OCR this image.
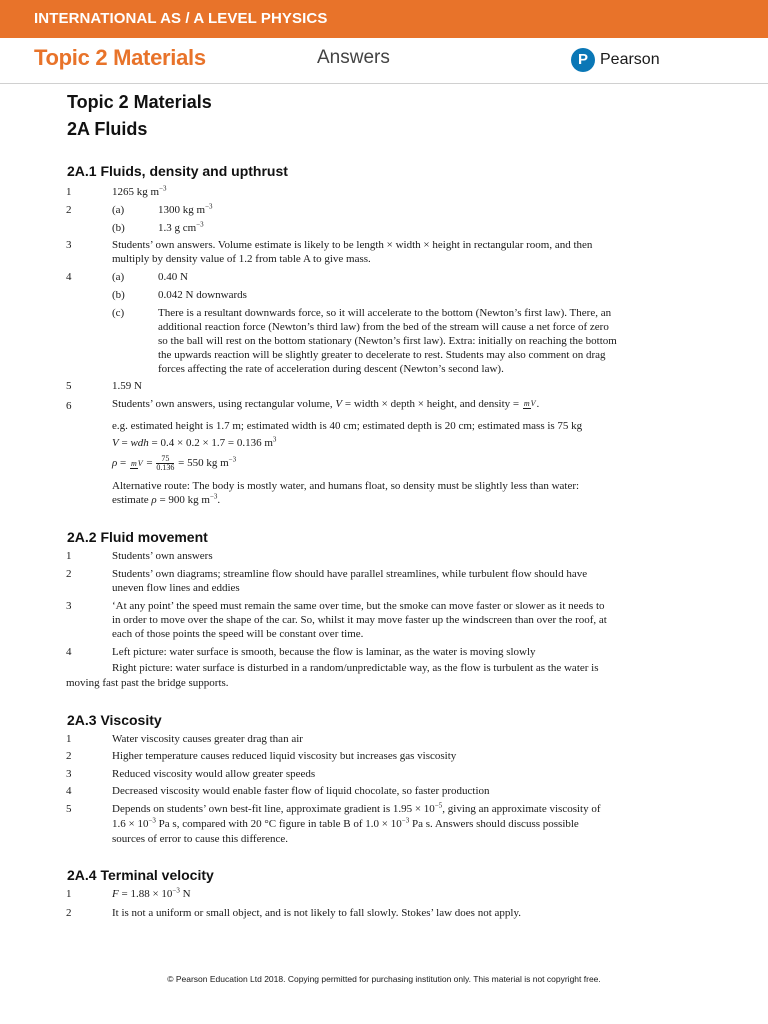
INTERNATIONAL AS / A LEVEL PHYSICS
Topic 2 Materials	Answers	P Pearson
Topic 2 Materials
2A Fluids
2A.1 Fluids, density and upthrust
1	1265 kg $m^{-3}$
2	(a)	1300 kg $m^{-3}$
(b)	1.3 g $cm^{-3}$
3	Students’ own answers. Volume estimate is likely to be length × width × height in rectangular room, and then
multiply by density value of 1.2 from table A to give mass.
4	(a)	0.40 N
(b)	0.042 N downwards
(c)	There is a resultant downwards force, so it will accelerate to the bottom (Newton’s first law). There, an
additional reaction force (Newton’s third law) from the bed of the stream will cause a net force of zero
so the ball will rest on the bottom stationary (Newton’s first law). Extra: initially on reaching the bottom
the upwards reaction will be slightly greater to decelerate to rest. Students may also comment on drag
forces affecting the rate of acceleration during descent (Newton’s second law).
5	1.59 N
6	Students’ own answers, using rectangular volume, V = width × depth × height, and density = mV.
e.g. estimated height is 1.7 m; estimated width is 40 cm; estimated depth is 20 cm; estimated mass is 75 kg
V = wdh = 0.4 × 0.2 × 1.7 = 0.136 $m^3$
ρ = mV = $\frac{75}{0.136} = 550$ kg $m^{-3}$
Alternative route: The body is mostly water, and humans float, so density must be slightly less than water:
estimate ρ = 900 kg $m^{-3}$.
2A.2 Fluid movement
1	Students’ own answers
2	Students’ own diagrams; streamline flow should have parallel streamlines, while turbulent flow should have
uneven flow lines and eddies
3	‘At any point’ the speed must remain the same over time, but the smoke can move faster or slower as it needs to
in order to move over the shape of the car. So, whilst it may move faster up the windscreen than over the roof, at
each of those points the speed will be constant over time.
4	Left picture: water surface is smooth, because the flow is laminar, as the water is moving slowly
Right picture: water surface is disturbed in a random/unpredictable way, as the flow is turbulent as the water is
moving fast past the bridge supports.
2A.3 Viscosity
1	Water viscosity causes greater drag than air
2	Higher temperature causes reduced liquid viscosity but increases gas viscosity
3	Reduced viscosity would allow greater speeds
4	Decreased viscosity would enable faster flow of liquid chocolate, so faster production
5	Depends on students’ own best-fit line, approximate gradient is $1.95 \times 10^{-5}$, giving an approximate viscosity of
$1.6 \times 10^{-3}$ Pa s, compared with 20 °C figure in table B of $1.0 \times 10^{-3}$ Pa s. Answers should discuss possible
sources of error to cause this difference.
2A.4 Terminal velocity
1	$F = 1.88 \times 10^{-3}$ N
2	It is not a uniform or small object, and is not likely to fall slowly. Stokes’ law does not apply.
© Pearson Education Ltd 2018. Copying permitted for purchasing institution only. This material is not copyright free.
